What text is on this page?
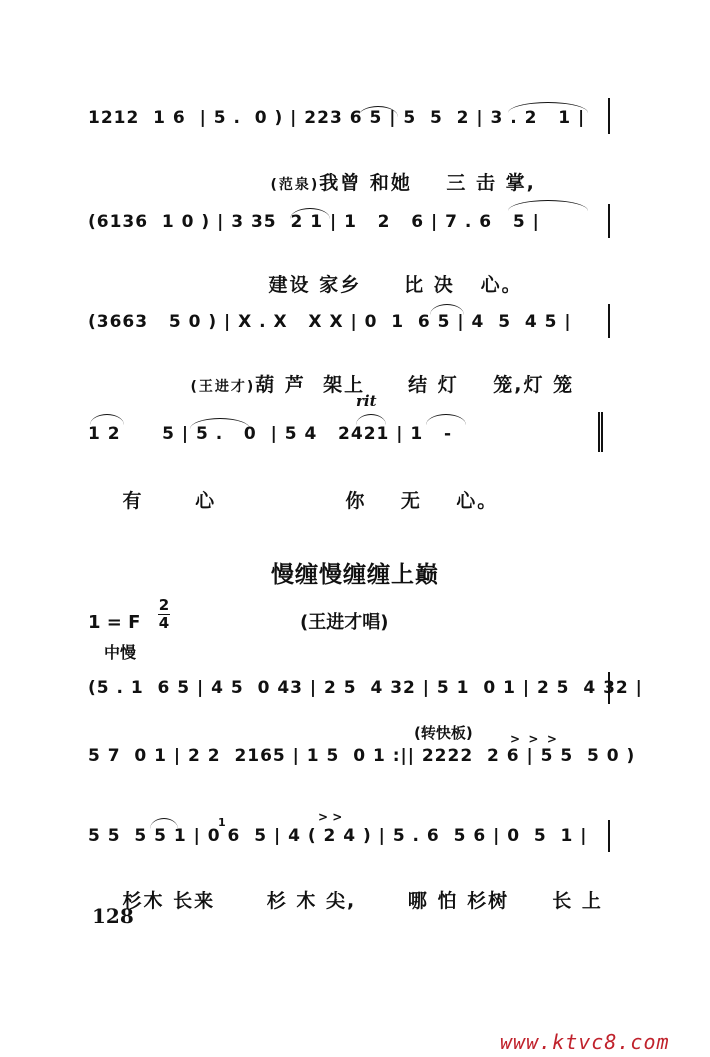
1212  1 6  | 5 .  0 ) | 223 6 5 | 5  5  2 | 3 . 2   1 |

(范泉)我曾 和她    三 击 掌,

(6136  1 0 ) | 3 35  2 1 | 1   2   6 | 7 . 6   5 |

建设 家乡     比 决   心。

(3663   5 0 ) | X . X   X X | 0  1  6 5 | 4  5  4 5 |

(王进才)葫 芦  架上     结 灯    笼,灯 笼

rit
1 2      5 | 5 .   0  | 5 4   2421 | 1   -

有      心               你    无    心。

慢缠慢缠缠上巅
1 = F
2
4	(王进才唱)
中慢
(5 . 1  6 5 | 4 5  0 43 | 2 5  4 32 | 5 1  0 1 | 2 5  4 32 |
(转快板)	>  >  >
5 7  0 1 | 2 2  2165 | 1 5  0 1 :|| 2222  2 6 | 5 5  5 0 )
> >
1
5 5  5 5 1 | 0 6  5 | 4 ( 2 4 ) | 5 . 6  5 6 | 0  5  1 |

杉木 长来      杉 木 尖,      哪 怕 杉树     长 上

128
www.ktvc8.com
